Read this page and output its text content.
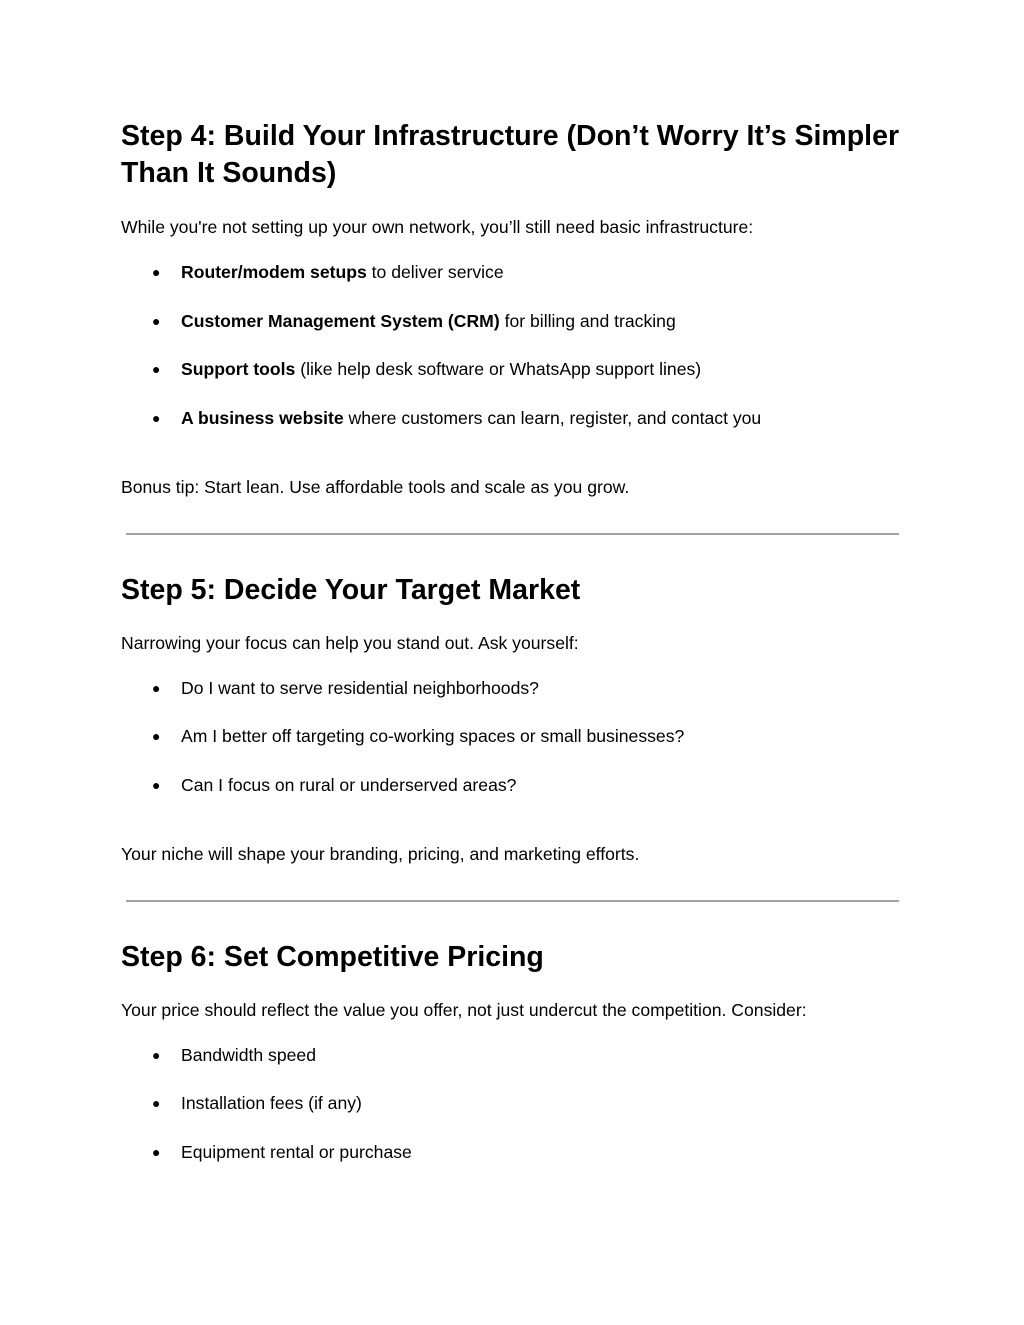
Step 4: Build Your Infrastructure (Don’t Worry It’s Simpler
Than It Sounds)

While you're not setting up your own network, you’ll still need basic infrastructure:

● Router/modem setups to deliver service

● Customer Management System (CRM) for billing and tracking

● Support tools (like help desk software or WhatsApp support lines)

● A business website where customers can learn, register, and contact you

Bonus tip: Start lean. Use affordable tools and scale as you grow.

Step 5: Decide Your Target Market

Narrowing your focus can help you stand out. Ask yourself:

● Do I want to serve residential neighborhoods?

● Am I better off targeting co-working spaces or small businesses?

● Can I focus on rural or underserved areas?

Your niche will shape your branding, pricing, and marketing efforts.

Step 6: Set Competitive Pricing

Your price should reflect the value you offer, not just undercut the competition. Consider:

● Bandwidth speed

● Installation fees (if any)

● Equipment rental or purchase
